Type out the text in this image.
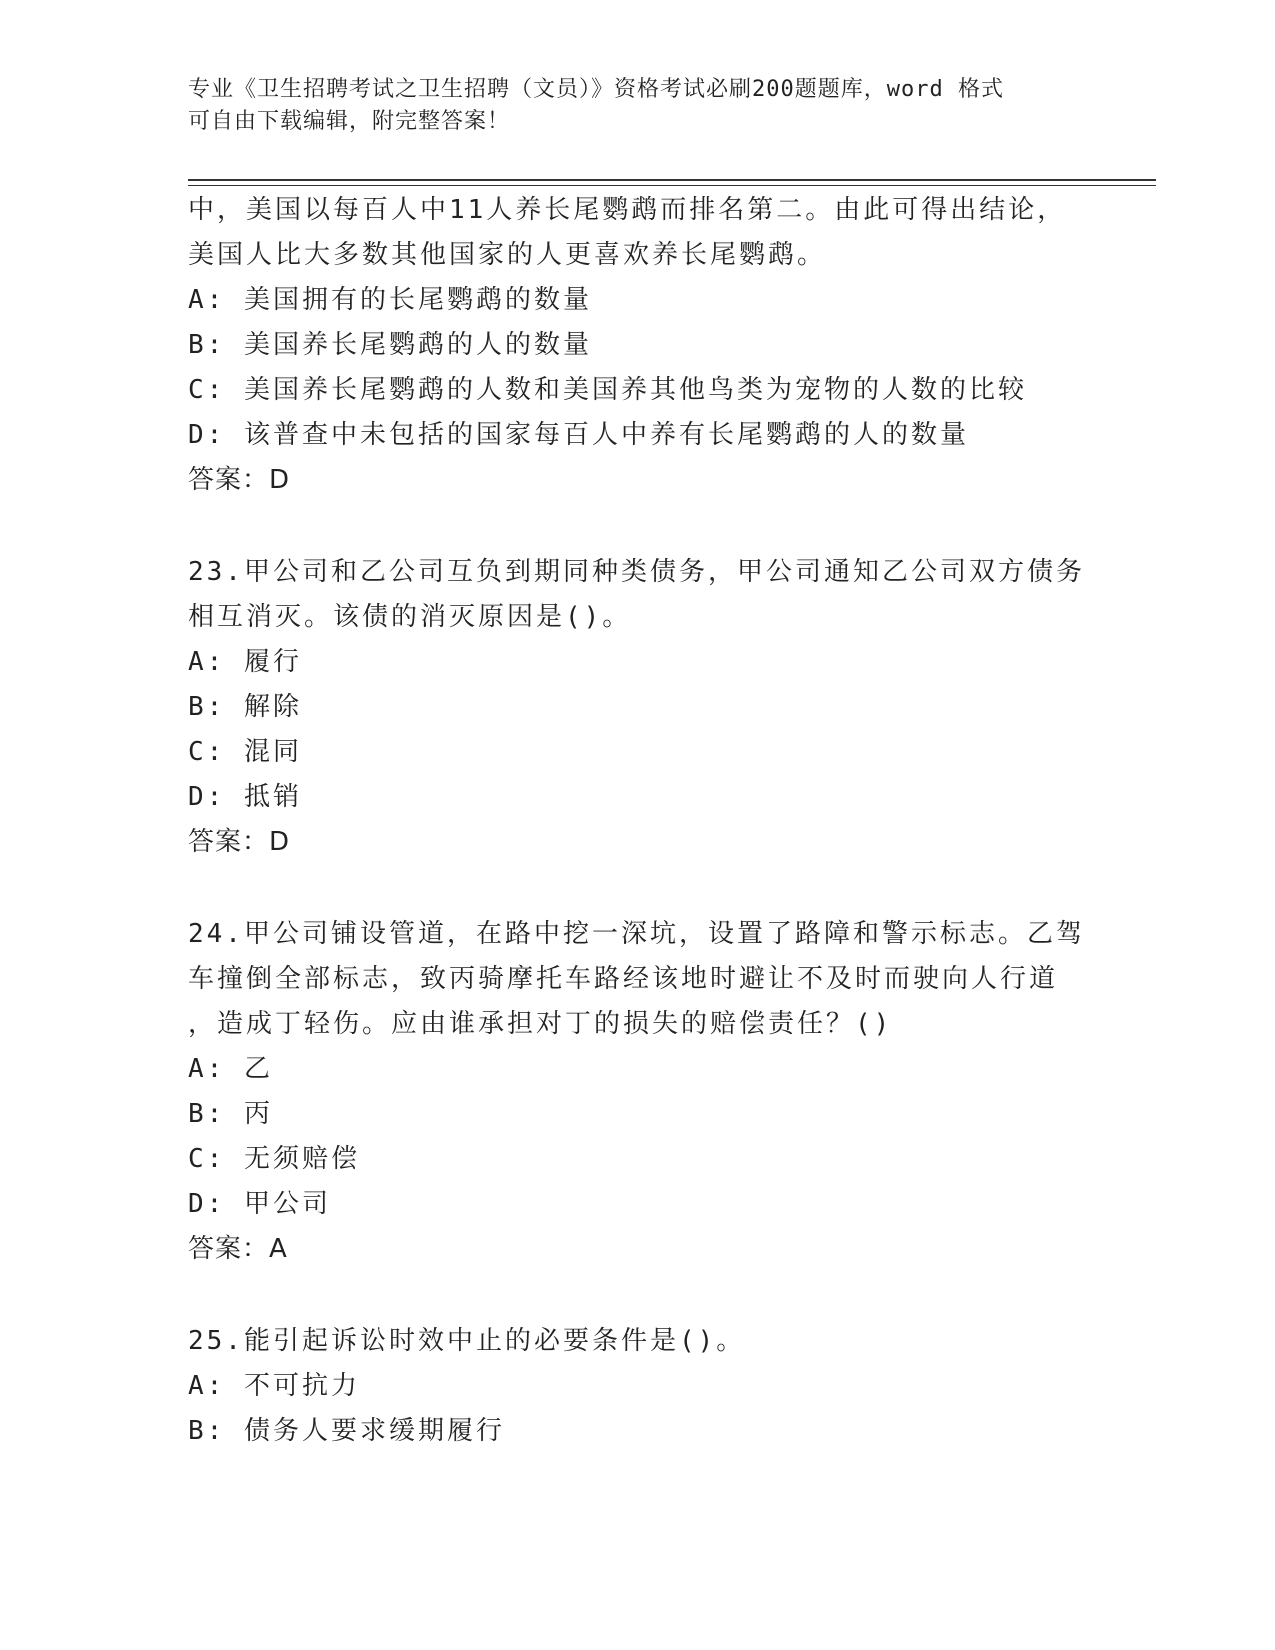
专业《卫生招聘考试之卫生招聘（文员）》资格考试必刷200题题库，word 格式
可自由下载编辑，附完整答案！
中，美国以每百人中11人养长尾鹦鹉而排名第二。由此可得出结论，
美国人比大多数其他国家的人更喜欢养长尾鹦鹉。
A: 美国拥有的长尾鹦鹉的数量
B: 美国养长尾鹦鹉的人的数量
C: 美国养长尾鹦鹉的人数和美国养其他鸟类为宠物的人数的比较
D: 该普查中未包括的国家每百人中养有长尾鹦鹉的人的数量
答案：D
23.甲公司和乙公司互负到期同种类债务，甲公司通知乙公司双方债务
相互消灭。该债的消灭原因是()。
A: 履行
B: 解除
C: 混同
D: 抵销
答案：D
24.甲公司铺设管道，在路中挖一深坑，设置了路障和警示标志。乙驾
车撞倒全部标志，致丙骑摩托车路经该地时避让不及时而驶向人行道
，造成丁轻伤。应由谁承担对丁的损失的赔偿责任？()
A: 乙
B: 丙
C: 无须赔偿
D: 甲公司
答案：A
25.能引起诉讼时效中止的必要条件是()。
A: 不可抗力
B: 债务人要求缓期履行
